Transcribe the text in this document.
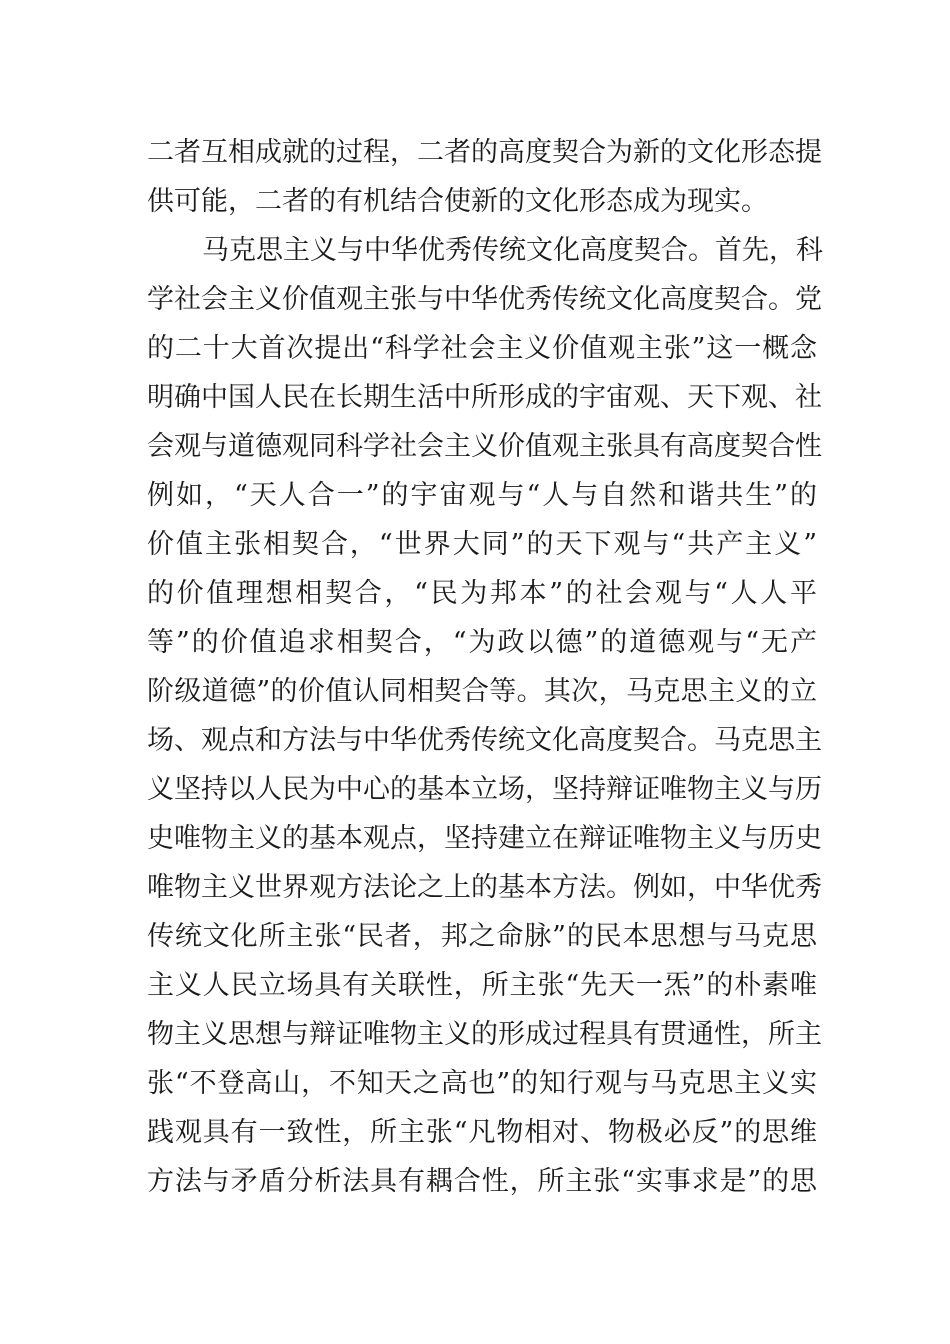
二者互相成就的过程，二者的高度契合为新的文化形态提
供可能，二者的有机结合使新的文化形态成为现实。
马克思主义与中华优秀传统文化高度契合。首先，科
学社会主义价值观主张与中华优秀传统文化高度契合。党
的二十大首次提出“科学社会主义价值观主张”这一概念
明确中国人民在长期生活中所形成的宇宙观、天下观、社
会观与道德观同科学社会主义价值观主张具有高度契合性
例如，“天人合一”的宇宙观与“人与自然和谐共生”的
价值主张相契合，“世界大同”的天下观与“共产主义”
的价值理想相契合，“民为邦本”的社会观与“人人平
等”的价值追求相契合，“为政以德”的道德观与“无产
阶级道德”的价值认同相契合等。其次，马克思主义的立
场、观点和方法与中华优秀传统文化高度契合。马克思主
义坚持以人民为中心的基本立场，坚持辩证唯物主义与历
史唯物主义的基本观点，坚持建立在辩证唯物主义与历史
唯物主义世界观方法论之上的基本方法。例如，中华优秀
传统文化所主张“民者，邦之命脉”的民本思想与马克思
主义人民立场具有关联性，所主张“先天一炁”的朴素唯
物主义思想与辩证唯物主义的形成过程具有贯通性，所主
张“不登高山，不知天之高也”的知行观与马克思主义实
践观具有一致性，所主张“凡物相对、物极必反”的思维
方法与矛盾分析法具有耦合性，所主张“实事求是”的思
